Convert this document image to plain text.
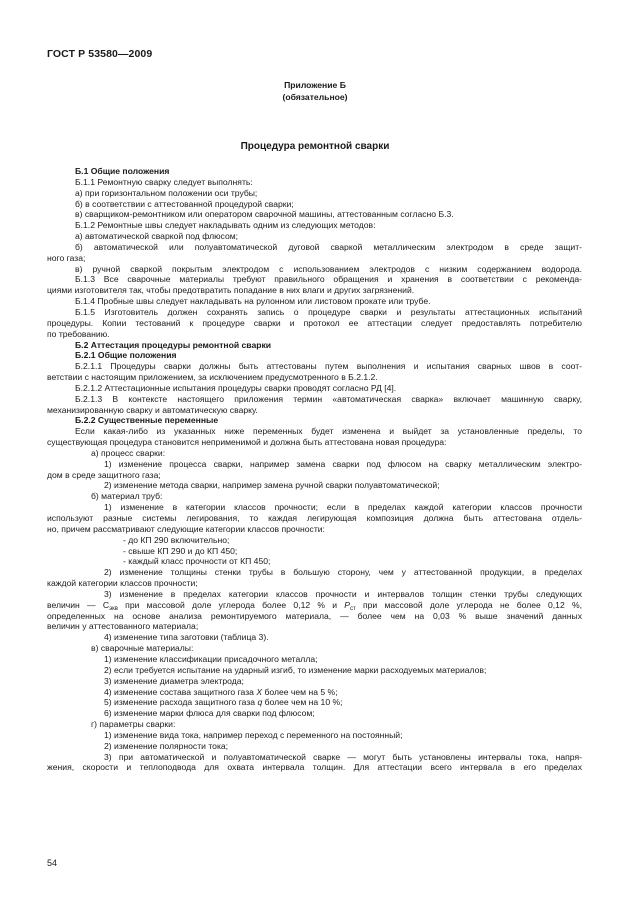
ГОСТ Р 53580—2009
Приложение Б
(обязательное)
Процедура ремонтной сварки

Б.1 Общие положения

Б.1.1 Ремонтную сварку следует выполнять:

а) при горизонтальном положении оси трубы;

б) в соответствии с аттестованной процедурой сварки;

в) сварщиком-ремонтником или оператором сварочной машины, аттестованным согласно Б.3.

Б.1.2 Ремонтные швы следует накладывать одним из следующих методов:

а) автоматической сваркой под флюсом;

б) автоматической или полуавтоматической дуговой сваркой металлическим электродом в среде защит-

ного газа;

в) ручной сваркой покрытым электродом с использованием электродов с низким содержанием водорода.

Б.1.3 Все сварочные материалы требуют правильного обращения и хранения в соответствии с рекоменда-

циями изготовителя так, чтобы предотвратить попадание в них влаги и других загрязнений.

Б.1.4 Пробные швы следует накладывать на рулонном или листовом прокате или трубе.

Б.1.5 Изготовитель должен сохранять запись о процедуре сварки и результаты аттестационных испытаний

процедуры. Копии тестований к процедуре сварки и протокол ее аттестации следует предоставлять потребителю

по требованию.

Б.2 Аттестация процедуры ремонтной сварки

Б.2.1 Общие положения

Б.2.1.1 Процедуры сварки должны быть аттестованы путем выполнения и испытания сварных швов в соот-

ветствии с настоящим приложением, за исключением предусмотренного в Б.2.1.2.

Б.2.1.2 Аттестационные испытания процедуры сварки проводят согласно РД [4].

Б.2.1.3 В контексте настоящего приложения термин «автоматическая сварка» включает машинную сварку,

механизированную сварку и автоматическую сварку.

Б.2.2 Существенные переменные

Если какая-либо из указанных ниже переменных будет изменена и выйдет за установленные пределы, то

существующая процедура становится неприменимой и должна быть аттестована новая процедура:

а) процесс сварки:

1) изменение процесса сварки, например замена сварки под флюсом на сварку металлическим электро-

дом в среде защитного газа;

2) изменение метода сварки, например замена ручной сварки полуавтоматической;

б) материал труб:

1) изменение в категории классов прочности; если в пределах каждой категории классов прочности

используют разные системы легирования, то каждая легирующая композиция должна быть аттестована отдель-

но, причем рассматривают следующие категории классов прочности:

- до КП 290 включительно;

- свыше КП 290 и до КП 450;

- каждый класс прочности от КП 450;

2) изменение толщины стенки трубы в большую сторону, чем у аттестованной продукции, в пределах

каждой категории классов прочности;

3) изменение в пределах категории классов прочности и интервалов толщин стенки трубы следующих

величин — $C_{экв}$ при массовой доле углерода более 0,12 % и $P_{ст}$ при массовой доле углерода не более 0,12 %,

определенных на основе анализа ремонтируемого материала, — более чем на 0,03 % выше значений данных

величин у аттестованного материала;

4) изменение типа заготовки (таблица 3).

в) сварочные материалы:

1) изменение классификации присадочного металла;

2) если требуется испытание на ударный изгиб, то изменение марки расходуемых материалов;

3) изменение диаметра электрода;

4) изменение состава защитного газа X более чем на 5 %;

5) изменение расхода защитного газа q более чем на 10 %;

6) изменение марки флюса для сварки под флюсом;

г) параметры сварки:

1) изменение вида тока, например переход с переменного на постоянный;

2) изменение полярности тока;

3) при автоматической и полуавтоматической сварке — могут быть установлены интервалы тока, напря-

жения, скорости и теплоподвода для охвата интервала толщин. Для аттестации всего интервала в его пределах

54
